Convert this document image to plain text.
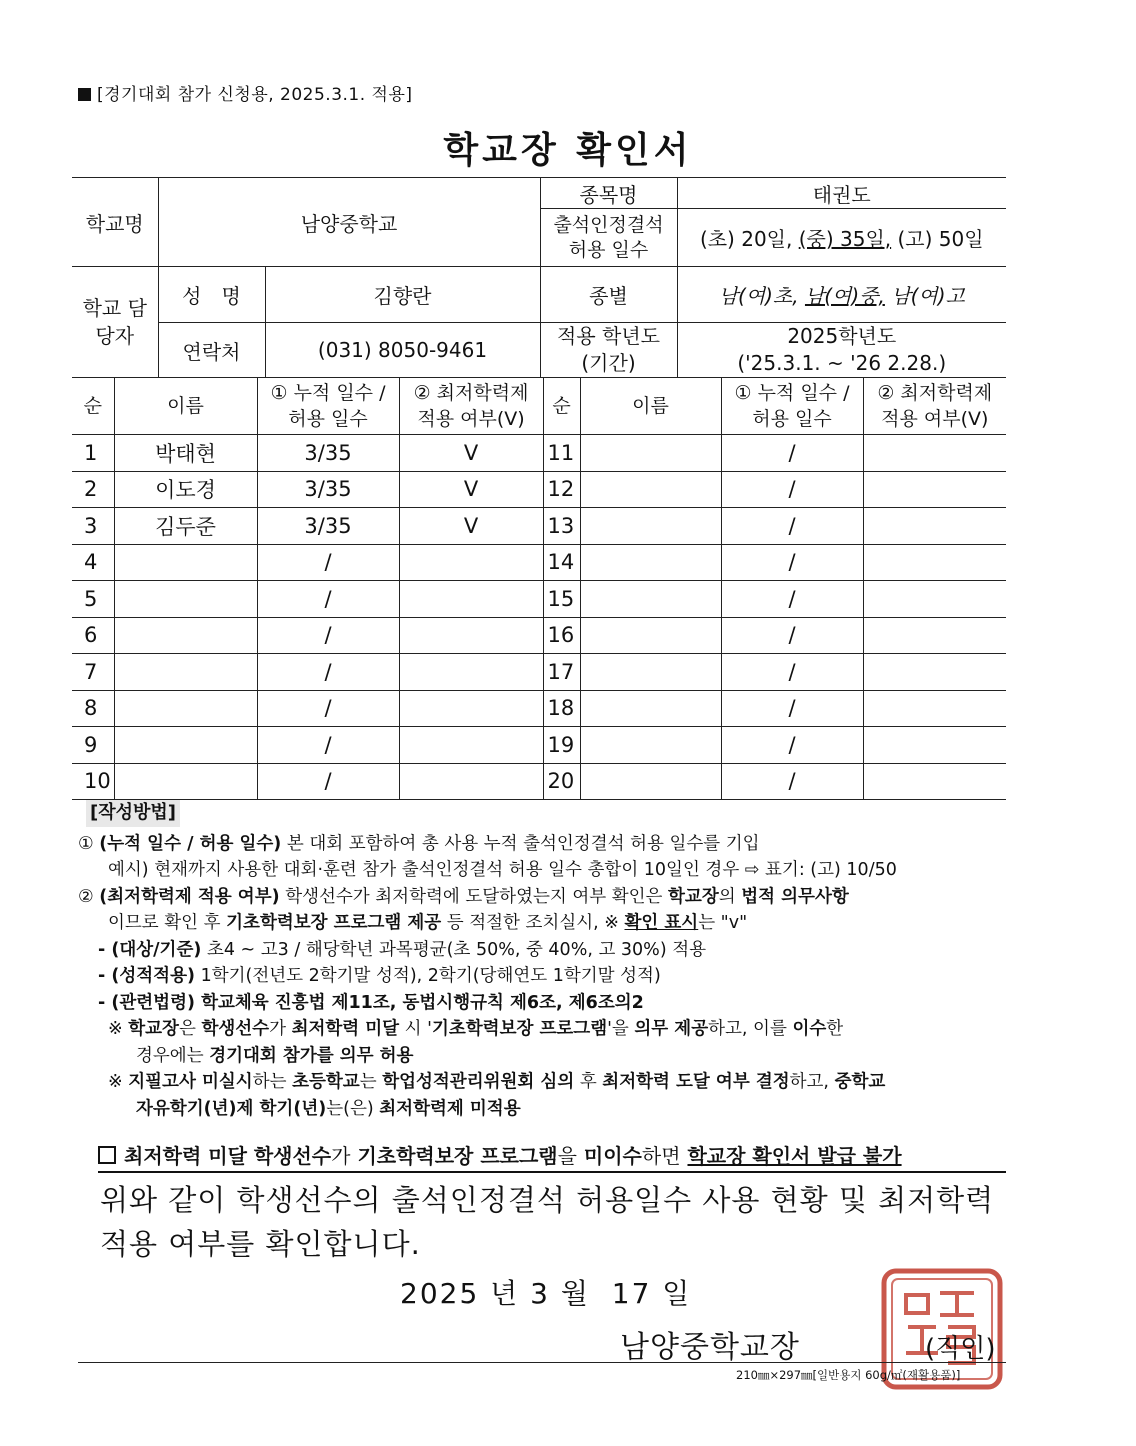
[경기대회 참가 신청용, 2025.3.1. 적용]
학교장 확인서
학교명	남양중학교		종목명	태권도
			출석인정결석 허용 일수	(초) 20일, (중) 35일, (고) 50일
학교 담당자	성　명	김향란	종별	남(여)초, 남(여)중, 남(여)고
	연락처	(031) 8050-9461	적용 학년도 (기간)	2025학년도
('25.3.1. ~ '26 2.28.)
순	이름	① 누적 일수 / 허용 일수	② 최저학력제 적용 여부(V)	순	이름	① 누적 일수 / 허용 일수	② 최저학력제 적용 여부(V)
1	박태현	3/35	V	11		/	
2	이도경	3/35	V	12		/	
3	김두준	3/35	V	13		/	
4		/		14		/	
5		/		15		/	
6		/		16		/	
7		/		17		/	
8		/		18		/	
9		/		19		/	
10		/		20		/	

[작성방법]

① (누적 일수 / 허용 일수) 본 대회 포함하여 총 사용 누적 출석인정결석 허용 일수를 기입

예시) 현재까지 사용한 대회·훈련 참가 출석인정결석 허용 일수 총합이 10일인 경우 ⇨ 표기: (고) 10/50

② (최저학력제 적용 여부) 학생선수가 최저학력에 도달하였는지 여부 확인은 학교장의 법적 의무사항

이므로 확인 후 기초학력보장 프로그램 제공 등 적절한 조치실시, ※ 확인 표시는 "v"

- (대상/기준) 초4 ~ 고3 / 해당학년 과목평균(초 50%, 중 40%, 고 30%) 적용

- (성적적용) 1학기(전년도 2학기말 성적), 2학기(당해연도 1학기말 성적)

- (관련법령) 학교체육 진흥법 제11조, 동법시행규칙 제6조, 제6조의2

※ 학교장은 학생선수가 최저학력 미달 시 '기초학력보장 프로그램'을 의무 제공하고, 이를 이수한

경우에는 경기대회 참가를 의무 허용

※ 지필고사 미실시하는 초등학교는 학업성적관리위원회 심의 후 최저학력 도달 여부 결정하고, 중학교

자유학기(년)제 학기(년)는(은) 최저학력제 미적용

최저학력 미달 학생선수가 기초학력보장 프로그램을 미이수하면 학교장 확인서 발급 불가
위와 같이 학생선수의 출석인정결석 허용일수 사용 현황 및 최저학력 적용 여부를 확인합니다.
2025 년 3 월 17 일
남양중학교장	(직인)
210㎜×297㎜[일반용지 60g/㎡(재활용품)]
